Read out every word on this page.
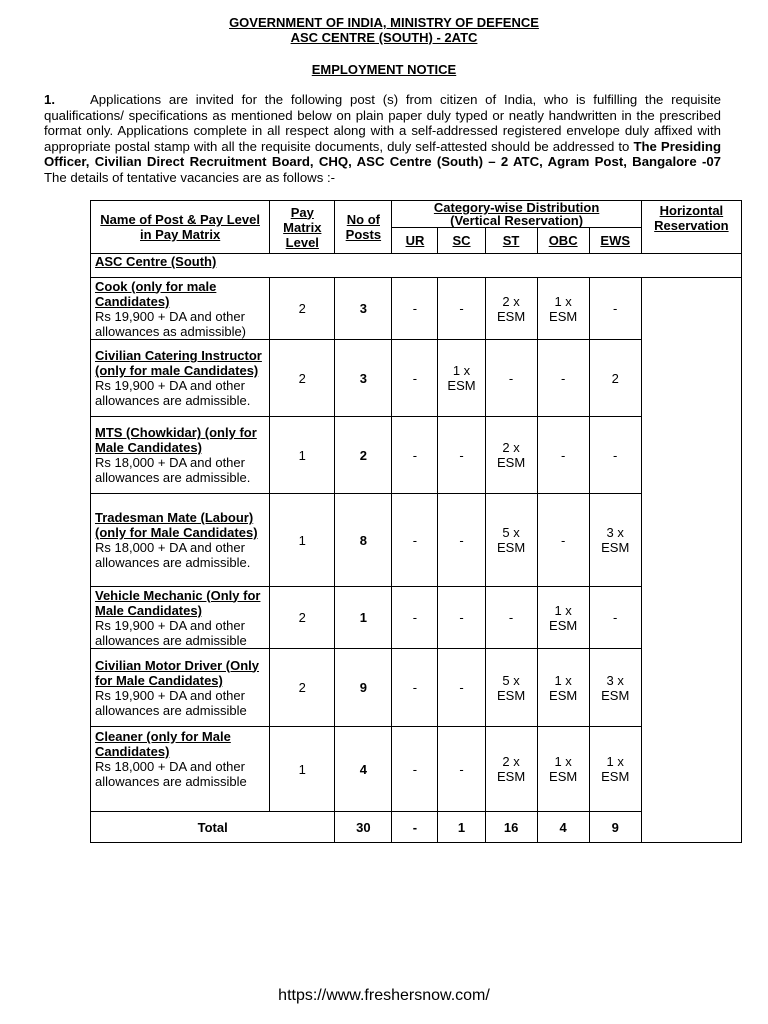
GOVERNMENT OF INDIA, MINISTRY OF DEFENCE
ASC CENTRE (SOUTH) - 2ATC
EMPLOYMENT NOTICE
1.	Applications are invited for the following post (s) from citizen of India, who is fulfilling the requisite qualifications/ specifications as mentioned below on plain paper duly typed or neatly handwritten in the prescribed format only. Applications complete in all respect along with a self-addressed registered envelope duly affixed with appropriate postal stamp with all the requisite documents, duly self-attested should be addressed to The Presiding Officer, Civilian Direct Recruitment Board, CHQ, ASC Centre (South) – 2 ATC, Agram Post, Bangalore -07 The details of tentative vacancies are as follows :-
Name of Post & Pay Level in Pay Matrix	Pay Matrix Level	No of Posts	Category-wise Distribution
(Vertical Reservation)					Horizontal Reservation
			UR	SC	ST	OBC	EWS	
ASC Centre (South)								
Cook (only for male Candidates)
Rs 19,900 + DA and other allowances as admissible)	2	3	-	-	2 x ESM	1 x ESM	-	
Civilian Catering Instructor (only for male Candidates) Rs 19,900 + DA and other allowances are admissible.	2	3	-	1 x ESM	-	-	2	
MTS (Chowkidar) (only for Male Candidates)
Rs 18,000 + DA and other allowances are admissible.	1	2	-	-	2 x ESM	-	-	
Tradesman Mate (Labour) (only for Male Candidates)
Rs 18,000 + DA and other allowances are admissible.	1	8	-	-	5 x ESM	-	3 x ESM	
Vehicle Mechanic (Only for Male Candidates)
Rs 19,900 + DA and other allowances are admissible	2	1	-	-	-	1 x ESM	-	
Civilian Motor Driver (Only for Male Candidates)
Rs 19,900 + DA and other allowances are admissible	2	9	-	-	5 x ESM	1 x ESM	3 x ESM	
Cleaner (only for Male Candidates)
Rs 18,000 + DA and other allowances are admissible	1	4	-	-	2 x ESM	1 x ESM	1 x ESM	
Total		30	-	1	16	4	9	
https://www.freshersnow.com/
